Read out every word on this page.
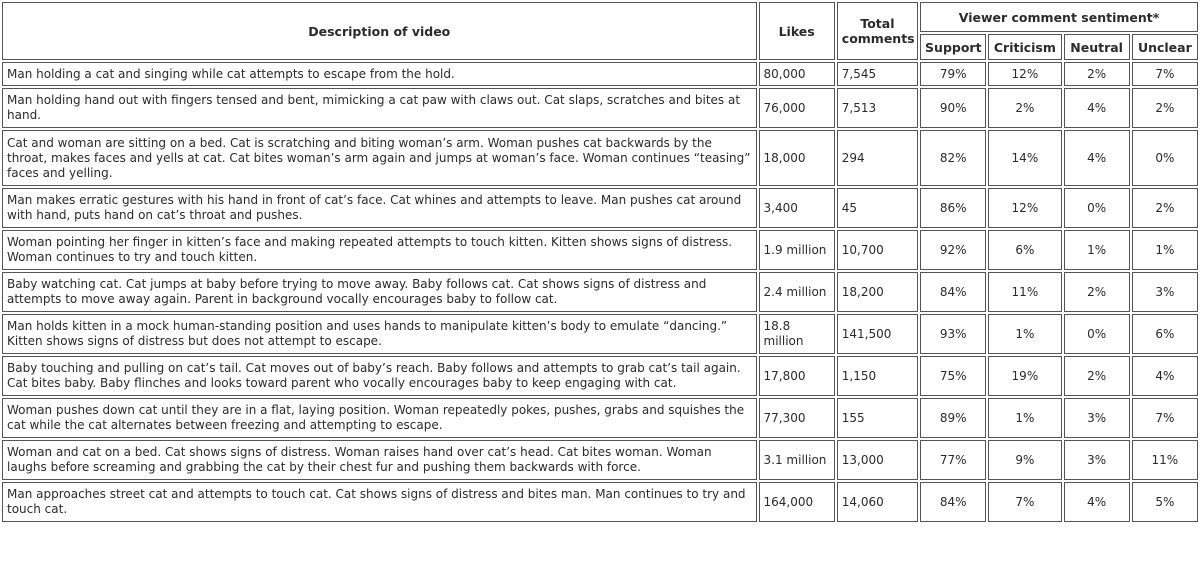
Description of video	Likes	Total comments	Viewer comment sentiment*			
			Support	Criticism	Neutral	Unclear
Man holding a cat and singing while cat attempts to escape from the hold.	80,000	7,545	79%	12%	2%	7%
Man holding hand out with fingers tensed and bent, mimicking a cat paw with claws out. Cat slaps, scratches and bites at hand.	76,000	7,513	90%	2%	4%	2%
Cat and woman are sitting on a bed. Cat is scratching and biting woman’s arm. Woman pushes cat backwards by the throat, makes faces and yells at cat. Cat bites woman’s arm again and jumps at woman’s face. Woman continues “teasing” faces and yelling.	18,000	294	82%	14%	4%	0%
Man makes erratic gestures with his hand in front of cat’s face. Cat whines and attempts to leave. Man pushes cat around with hand, puts hand on cat’s throat and pushes.	3,400	45	86%	12%	0%	2%
Woman pointing her finger in kitten’s face and making repeated attempts to touch kitten. Kitten shows signs of distress. Woman continues to try and touch kitten.	1.9 million	10,700	92%	6%	1%	1%
Baby watching cat. Cat jumps at baby before trying to move away. Baby follows cat. Cat shows signs of distress and attempts to move away again. Parent in background vocally encourages baby to follow cat.	2.4 million	18,200	84%	11%	2%	3%
Man holds kitten in a mock human-standing position and uses hands to manipulate kitten’s body to emulate “dancing.” Kitten shows signs of distress but does not attempt to escape.	18.8 million	141,500	93%	1%	0%	6%
Baby touching and pulling on cat’s tail. Cat moves out of baby’s reach. Baby follows and attempts to grab cat’s tail again. Cat bites baby. Baby flinches and looks toward parent who vocally encourages baby to keep engaging with cat.	17,800	1,150	75%	19%	2%	4%
Woman pushes down cat until they are in a flat, laying position. Woman repeatedly pokes, pushes, grabs and squishes the cat while the cat alternates between freezing and attempting to escape.	77,300	155	89%	1%	3%	7%
Woman and cat on a bed. Cat shows signs of distress. Woman raises hand over cat’s head. Cat bites woman. Woman laughs before screaming and grabbing the cat by their chest fur and pushing them backwards with force.	3.1 million	13,000	77%	9%	3%	11%
Man approaches street cat and attempts to touch cat. Cat shows signs of distress and bites man. Man continues to try and touch cat.	164,000	14,060	84%	7%	4%	5%
